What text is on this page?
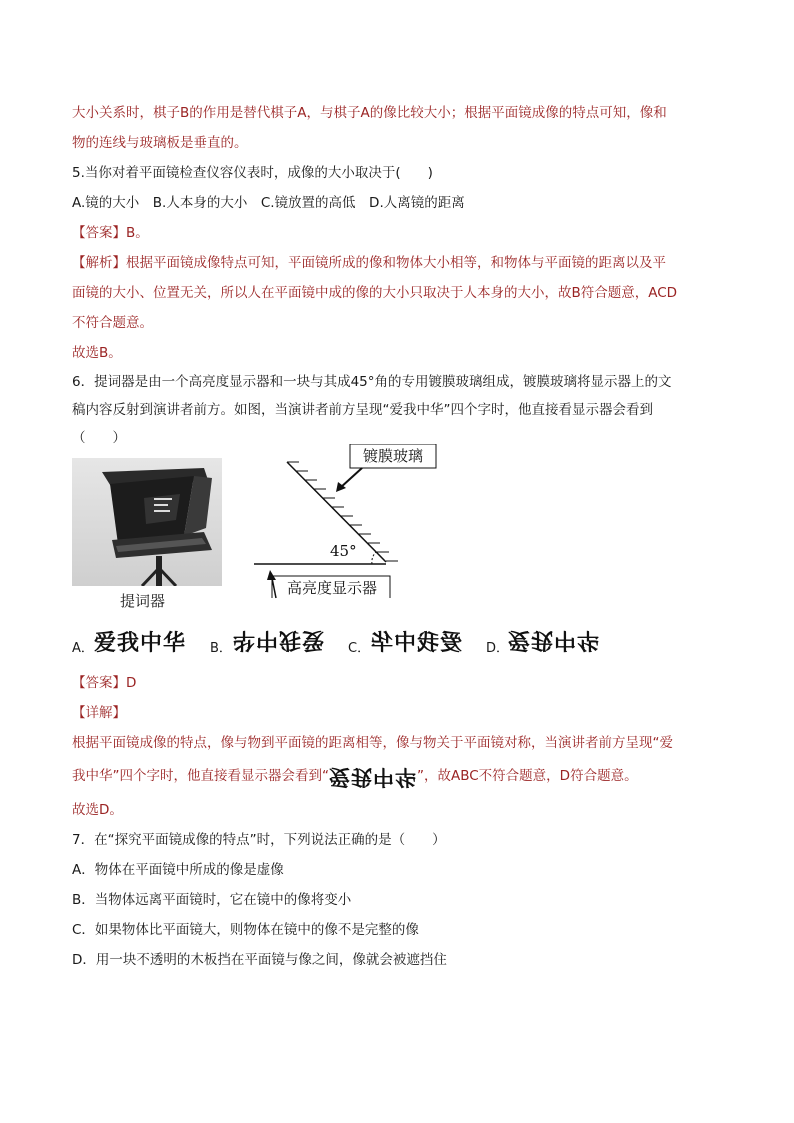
大小关系时，棋子B的作用是替代棋子A，与棋子A的像比较大小；根据平面镜成像的特点可知，像和

物的连线与玻璃板是垂直的。

5.当你对着平面镜检查仪容仪表时，成像的大小取决于(　　)

A.镜的大小　B.人本身的大小　C.镜放置的高低　D.人离镜的距离

【答案】B。

【解析】根据平面镜成像特点可知，平面镜所成的像和物体大小相等，和物体与平面镜的距离以及平

面镜的大小、位置无关，所以人在平面镜中成的像的大小只取决于人本身的大小，故B符合题意，ACD

不符合题意。

故选B。

6．提词器是由一个高亮度显示器和一块与其成45°角的专用镀膜玻璃组成，镀膜玻璃将显示器上的文

稿内容反射到演讲者前方。如图，当演讲者前方呈现“爱我中华”四个字时，他直接看显示器会看到

（　　）

提词器
镀膜玻璃
45°
高亮度显示器
A． 爱我中华 B． 爱我中华 C． 爱我中华 D．
爱我中华

【答案】D

【详解】

根据平面镜成像的特点，像与物到平面镜的距离相等，像与物关于平面镜对称，当演讲者前方呈现“爱

我中华”四个字时，他直接看显示器会看到“爱我中华”，故ABC不符合题意，D符合题意。

故选D。

7．在“探究平面镜成像的特点”时，下列说法正确的是（　　）

A．物体在平面镜中所成的像是虚像

B．当物体远离平面镜时，它在镜中的像将变小

C．如果物体比平面镜大，则物体在镜中的像不是完整的像

D．用一块不透明的木板挡在平面镜与像之间，像就会被遮挡住
